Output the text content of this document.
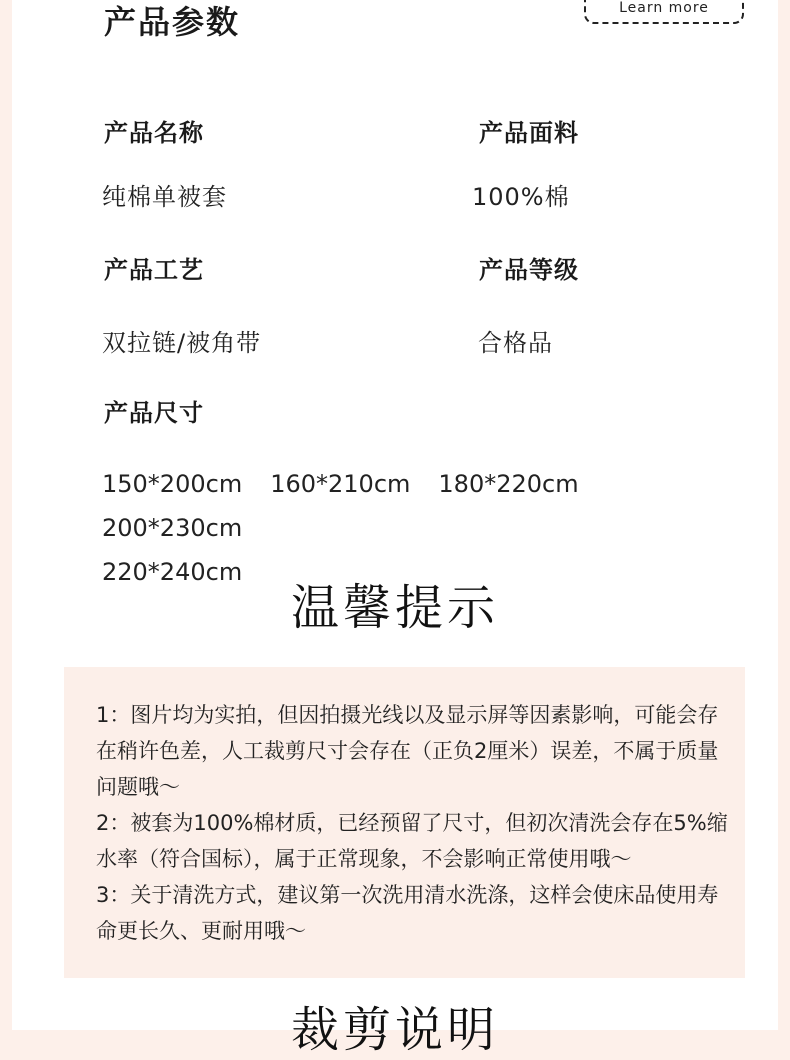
产品参数	Learn more
产品名称	产品面料
纯棉单被套	100%棉
产品工艺	产品等级
双拉链/被角带	合格品
产品尺寸
150*200cm 160*210cm 180*220cm200*230cm
220*240cm
温馨提示

1：图片均为实拍，但因拍摄光线以及显示屏等因素影响，可能会存在稍许色差，人工裁剪尺寸会存在（正负2厘米）误差，不属于质量问题哦～

2：被套为100%棉材质，已经预留了尺寸，但初次清洗会存在5%缩水率（符合国标），属于正常现象，不会影响正常使用哦～

3：关于清洗方式，建议第一次洗用清水洗涤，这样会使床品使用寿命更长久、更耐用哦～

裁剪说明
